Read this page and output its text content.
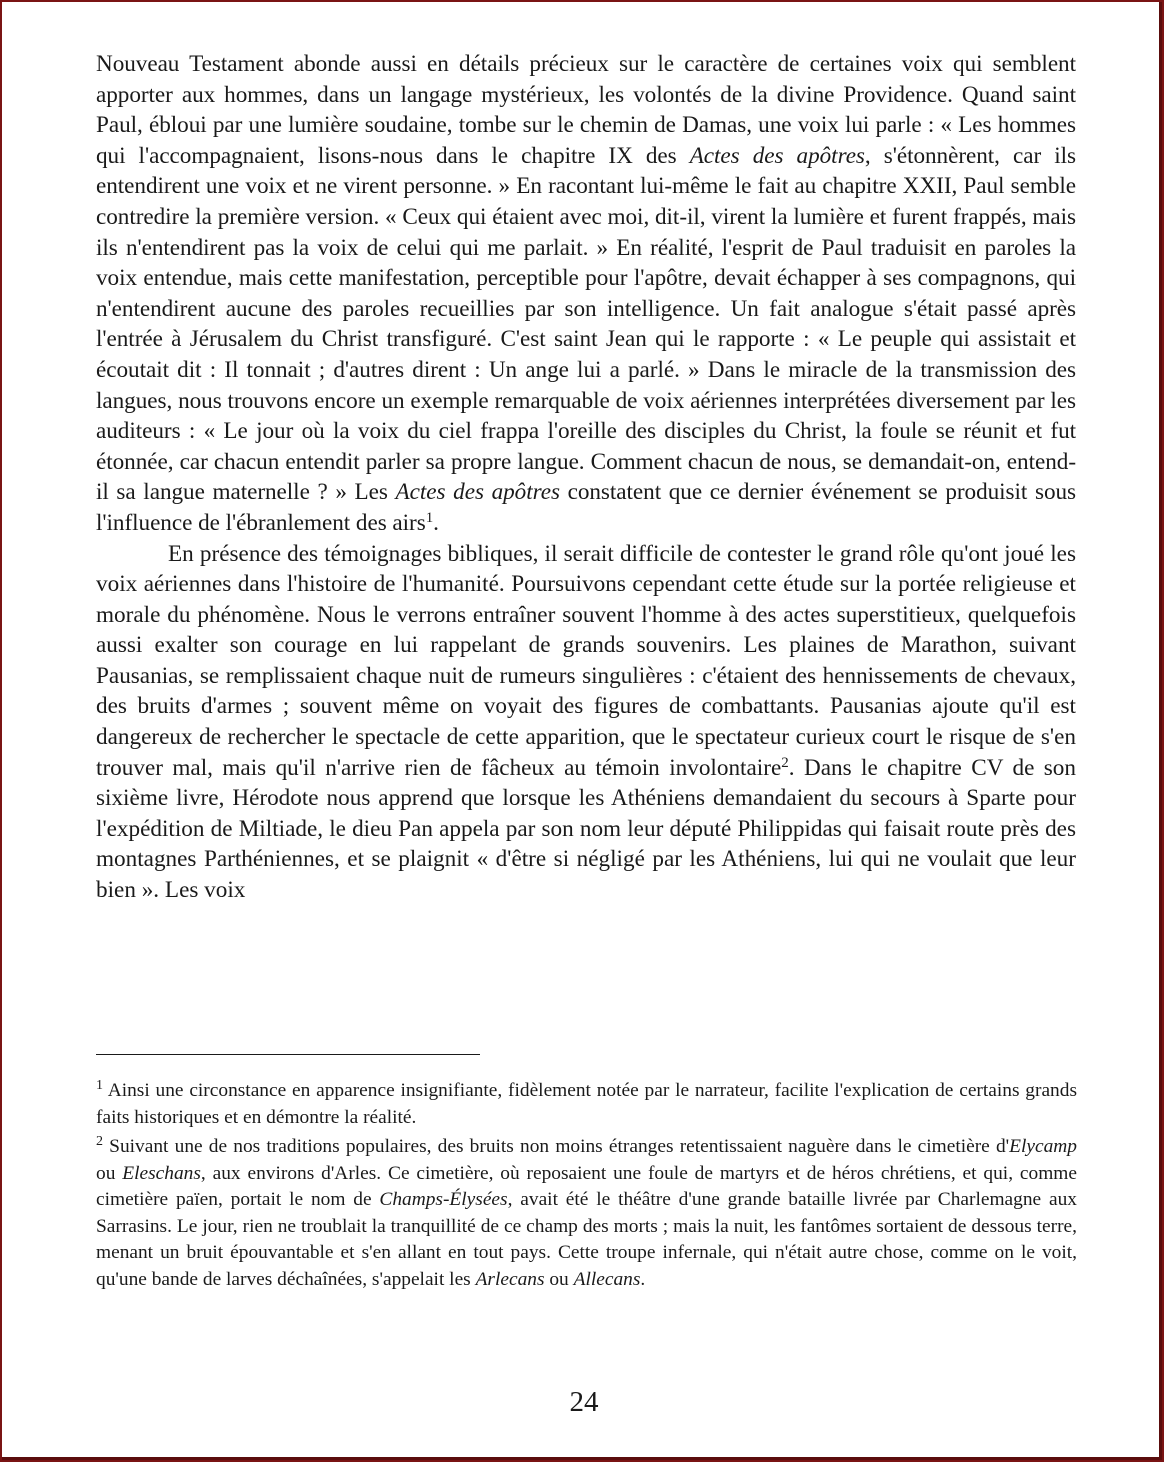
Nouveau Testament abonde aussi en détails précieux sur le caractère de certaines voix qui semblent apporter aux hommes, dans un langage mystérieux, les volontés de la divine Providence. Quand saint Paul, ébloui par une lumière soudaine, tombe sur le chemin de Damas, une voix lui parle : « Les hommes qui l'accompagnaient, lisons-nous dans le chapitre IX des Actes des apôtres, s'étonnèrent, car ils entendirent une voix et ne virent personne. » En racontant lui-même le fait au chapitre XXII, Paul semble contredire la première version. « Ceux qui étaient avec moi, dit-il, virent la lumière et furent frappés, mais ils n'entendirent pas la voix de celui qui me parlait. » En réalité, l'esprit de Paul traduisit en paroles la voix entendue, mais cette manifestation, perceptible pour l'apôtre, devait échapper à ses compagnons, qui n'entendirent aucune des paroles recueillies par son intelligence. Un fait analogue s'était passé après l'entrée à Jérusalem du Christ transfiguré. C'est saint Jean qui le rapporte : « Le peuple qui assistait et écoutait dit : Il tonnait ; d'autres dirent : Un ange lui a parlé. » Dans le miracle de la transmission des langues, nous trouvons encore un exemple remarquable de voix aériennes interprétées diversement par les auditeurs : « Le jour où la voix du ciel frappa l'oreille des disciples du Christ, la foule se réunit et fut étonnée, car chacun entendit parler sa propre langue. Comment chacun de nous, se demandait-on, entend-il sa langue maternelle ? » Les Actes des apôtres constatent que ce dernier événement se produisit sous l'influence de l'ébranlement des airs$^1$.

En présence des témoignages bibliques, il serait difficile de contester le grand rôle qu'ont joué les voix aériennes dans l'histoire de l'humanité. Poursuivons cependant cette étude sur la portée religieuse et morale du phénomène. Nous le verrons entraîner souvent l'homme à des actes superstitieux, quelquefois aussi exalter son courage en lui rappelant de grands souvenirs. Les plaines de Marathon, suivant Pausanias, se remplissaient chaque nuit de rumeurs singulières : c'étaient des hennissements de chevaux, des bruits d'armes ; souvent même on voyait des figures de combattants. Pausanias ajoute qu'il est dangereux de rechercher le spectacle de cette apparition, que le spectateur curieux court le risque de s'en trouver mal, mais qu'il n'arrive rien de fâcheux au témoin involontaire$^2$. Dans le chapitre CV de son sixième livre, Hérodote nous apprend que lorsque les Athéniens demandaient du secours à Sparte pour l'expédition de Miltiade, le dieu Pan appela par son nom leur député Philippidas qui faisait route près des montagnes Parthéniennes, et se plaignit « d'être si négligé par les Athéniens, lui qui ne voulait que leur bien ». Les voix

$^1$ Ainsi une circonstance en apparence insignifiante, fidèlement notée par le narrateur, facilite l'explication de certains grands faits historiques et en démontre la réalité.

$^2$ Suivant une de nos traditions populaires, des bruits non moins étranges retentissaient naguère dans le cimetière d'Elycamp ou Eleschans, aux environs d'Arles. Ce cimetière, où reposaient une foule de martyrs et de héros chrétiens, et qui, comme cimetière païen, portait le nom de Champs-Élysées, avait été le théâtre d'une grande bataille livrée par Charlemagne aux Sarrasins. Le jour, rien ne troublait la tranquillité de ce champ des morts ; mais la nuit, les fantômes sortaient de dessous terre, menant un bruit épouvantable et s'en allant en tout pays. Cette troupe infernale, qui n'était autre chose, comme on le voit, qu'une bande de larves déchaînées, s'appelait les Arlecans ou Allecans.

24
